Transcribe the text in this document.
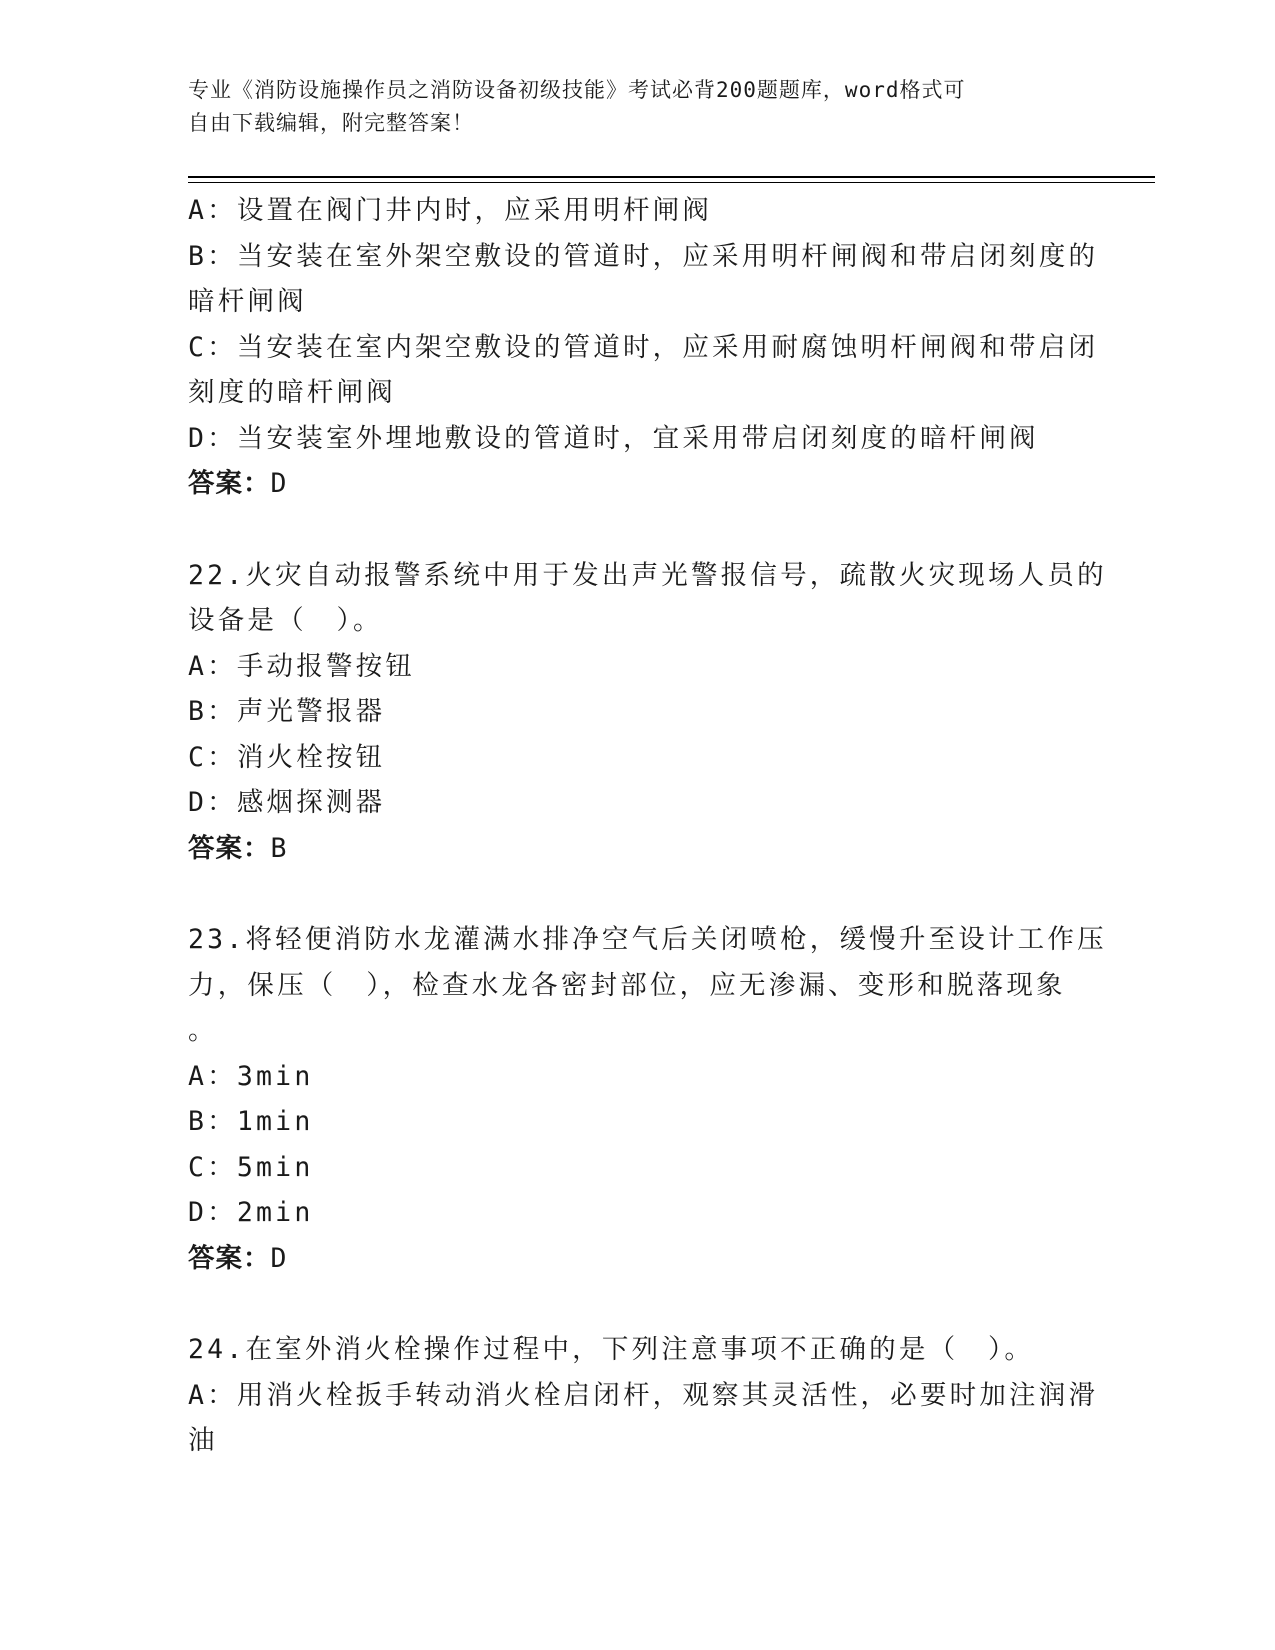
专业《消防设施操作员之消防设备初级技能》考试必背200题题库，word格式可
自由下载编辑，附完整答案！
A：设置在阀门井内时，应采用明杆闸阀
B：当安装在室外架空敷设的管道时，应采用明杆闸阀和带启闭刻度的
暗杆闸阀
C：当安装在室内架空敷设的管道时，应采用耐腐蚀明杆闸阀和带启闭
刻度的暗杆闸阀
D：当安装室外埋地敷设的管道时，宜采用带启闭刻度的暗杆闸阀
答案：D
22.火灾自动报警系统中用于发出声光警报信号，疏散火灾现场人员的
设备是（　）。
A：手动报警按钮
B：声光警报器
C：消火栓按钮
D：感烟探测器
答案：B
23.将轻便消防水龙灌满水排净空气后关闭喷枪，缓慢升至设计工作压
力，保压（　），检查水龙各密封部位，应无渗漏、变形和脱落现象
。
A：3min
B：1min
C：5min
D：2min
答案：D
24.在室外消火栓操作过程中，下列注意事项不正确的是（　）。
A：用消火栓扳手转动消火栓启闭杆，观察其灵活性，必要时加注润滑
油
